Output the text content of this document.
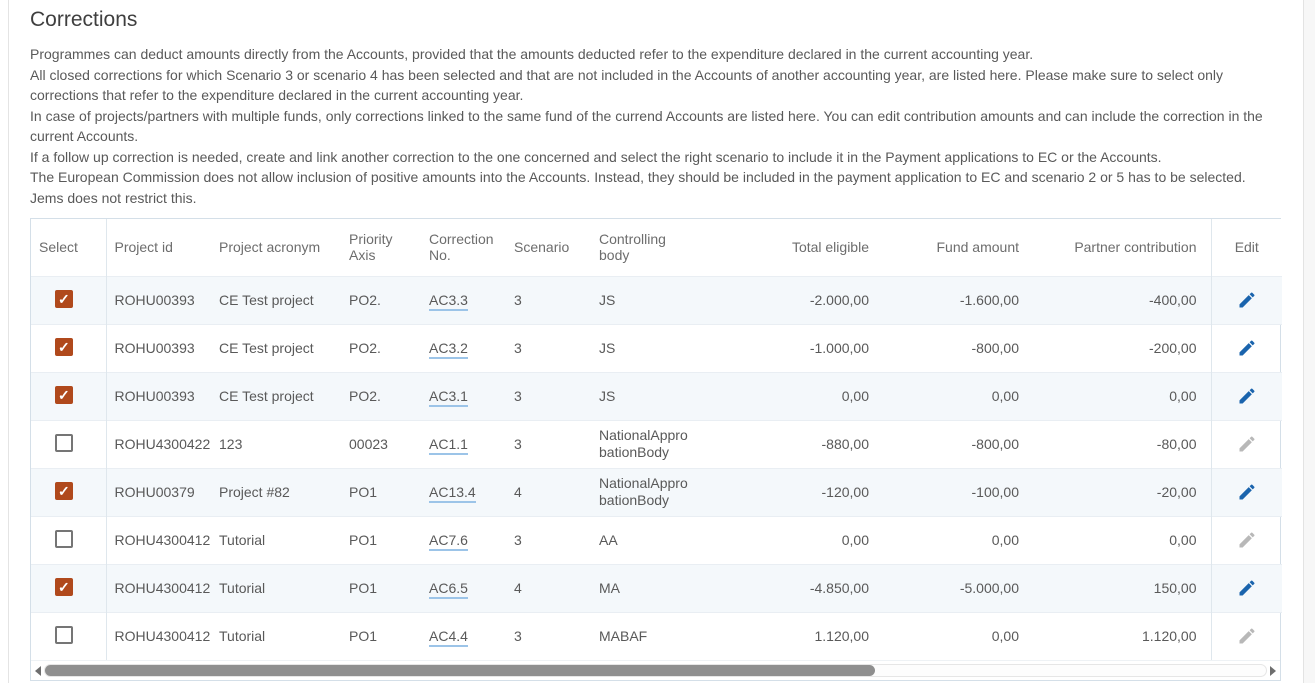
Corrections

Programmes can deduct amounts directly from the Accounts, provided that the amounts deducted refer to the expenditure declared in the current accounting year.

All closed corrections for which Scenario 3 or scenario 4 has been selected and that are not included in the Accounts of another accounting year, are listed here. Please make sure to select only corrections that refer to the expenditure declared in the current accounting year.

In case of projects/partners with multiple funds, only corrections linked to the same fund of the currend Accounts are listed here. You can edit contribution amounts and can include the correction in the current Accounts.

If a follow up correction is needed, create and link another correction to the one concerned and select the right scenario to include it in the Payment applications to EC or the Accounts.

The European Commission does not allow inclusion of positive amounts into the Accounts. Instead, they should be included in the payment application to EC and scenario 2 or 5 has to be selected. Jems does not restrict this.

Select	Project id	Project acronym	Priority Axis	Correction No.	Scenario	Controlling body	Total eligible	Fund amount	Partner contribution	Edit

✓	ROHU00393	CE Test project	PO2.	AC3.3	3	JS	-2.000,00	-1.600,00	-400,00	

✓	ROHU00393	CE Test project	PO2.	AC3.2	3	JS	-1.000,00	-800,00	-200,00	

✓	ROHU00393	CE Test project	PO2.	AC3.1	3	JS	0,00	0,00	0,00	

	ROHU4300422	123	00023	AC1.1	3	NationalApprobationBody	-880,00	-800,00	-80,00	

✓	ROHU00379	Project #82	PO1	AC13.4	4	NationalApprobationBody	-120,00	-100,00	-20,00	

	ROHU4300412	Tutorial	PO1	AC7.6	3	AA	0,00	0,00	0,00	

✓	ROHU4300412	Tutorial	PO1	AC6.5	4	MA	-4.850,00	-5.000,00	150,00	

	ROHU4300412	Tutorial	PO1	AC4.4	3	MABAF	1.120,00	0,00	1.120,00	
